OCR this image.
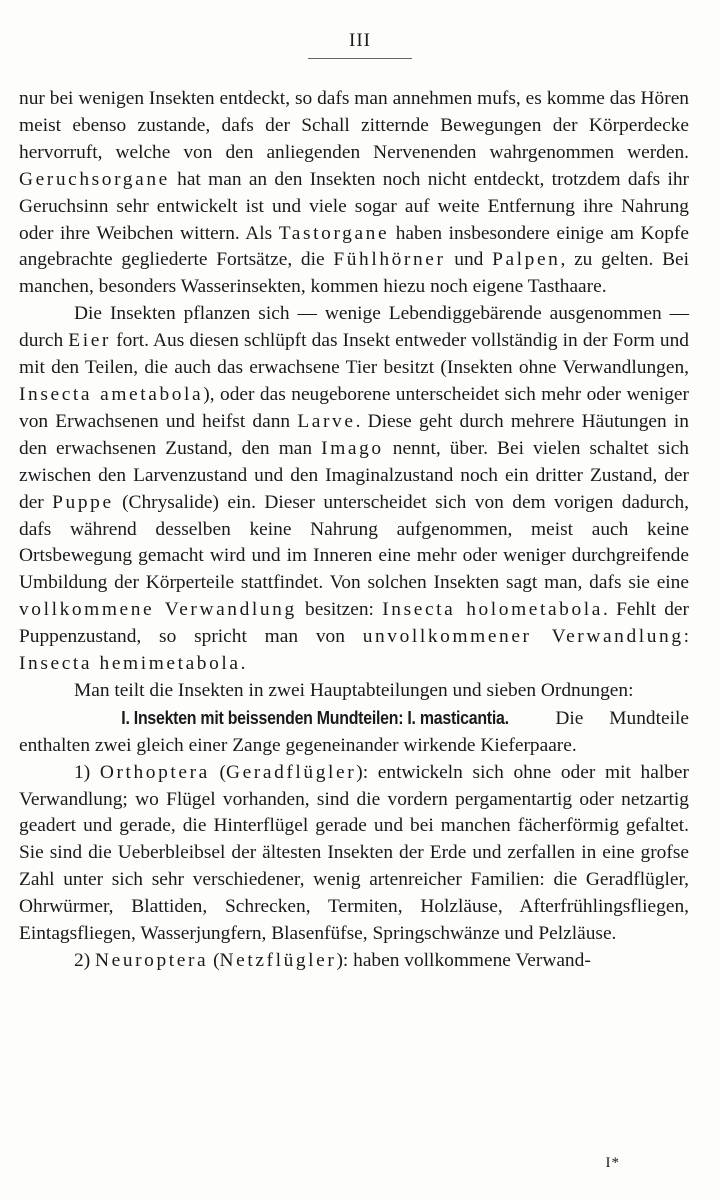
III

nur bei wenigen Insekten entdeckt, so dafs man annehmen mufs, es komme das Hören meist ebenso zustande, dafs der Schall zitternde Bewegungen der Körperdecke hervorruft, welche von den anliegenden Nervenenden wahrgenommen werden. Geruchsorgane hat man an den Insekten noch nicht entdeckt, trotzdem dafs ihr Geruchsinn sehr entwickelt ist und viele sogar auf weite Entfernung ihre Nahrung oder ihre Weibchen wittern. Als Tastorgane haben insbesondere einige am Kopfe angebrachte gegliederte Fortsätze, die Fühlhörner und Palpen, zu gelten. Bei manchen, besonders Wasserinsekten, kommen hiezu noch eigene Tasthaare.

Die Insekten pflanzen sich — wenige Lebendiggebärende ausgenommen — durch Eier fort. Aus diesen schlüpft das Insekt entweder vollständig in der Form und mit den Teilen, die auch das erwachsene Tier besitzt (Insekten ohne Verwandlungen, Insecta ametabola), oder das neugeborene unterscheidet sich mehr oder weniger von Erwachsenen und heifst dann Larve. Diese geht durch mehrere Häutungen in den erwachsenen Zustand, den man Imago nennt, über. Bei vielen schaltet sich zwischen den Larvenzustand und den Imaginalzustand noch ein dritter Zustand, der der Puppe (Chrysalide) ein. Dieser unterscheidet sich von dem vorigen dadurch, dafs während desselben keine Nahrung aufgenommen, meist auch keine Ortsbewegung gemacht wird und im Inneren eine mehr oder weniger durchgreifende Umbildung der Körperteile stattfindet. Von solchen Insekten sagt man, dafs sie eine vollkommene Verwandlung besitzen: Insecta holometabola. Fehlt der Puppenzustand, so spricht man von unvollkommener Verwandlung: Insecta hemimetabola.

Man teilt die Insekten in zwei Hauptabteilungen und sieben Ordnungen:

I. Insekten mit beissenden Mundteilen: I. masticantia. Die Mundteile enthalten zwei gleich einer Zange gegeneinander wirkende Kieferpaare.

1) Orthoptera (Geradflügler): entwickeln sich ohne oder mit halber Verwandlung; wo Flügel vorhanden, sind die vordern pergamentartig oder netzartig geadert und gerade, die Hinterflügel gerade und bei manchen fächerförmig gefaltet. Sie sind die Ueberbleibsel der ältesten Insekten der Erde und zerfallen in eine grofse Zahl unter sich sehr verschiedener, wenig artenreicher Familien: die Geradflügler, Ohrwürmer, Blattiden, Schrecken, Termiten, Holzläuse, Afterfrühlingsfliegen, Eintagsfliegen, Wasserjungfern, Blasenfüfse, Springschwänze und Pelzläuse.

2) Neuroptera (Netzflügler): haben vollkommene Verwand-

I*
